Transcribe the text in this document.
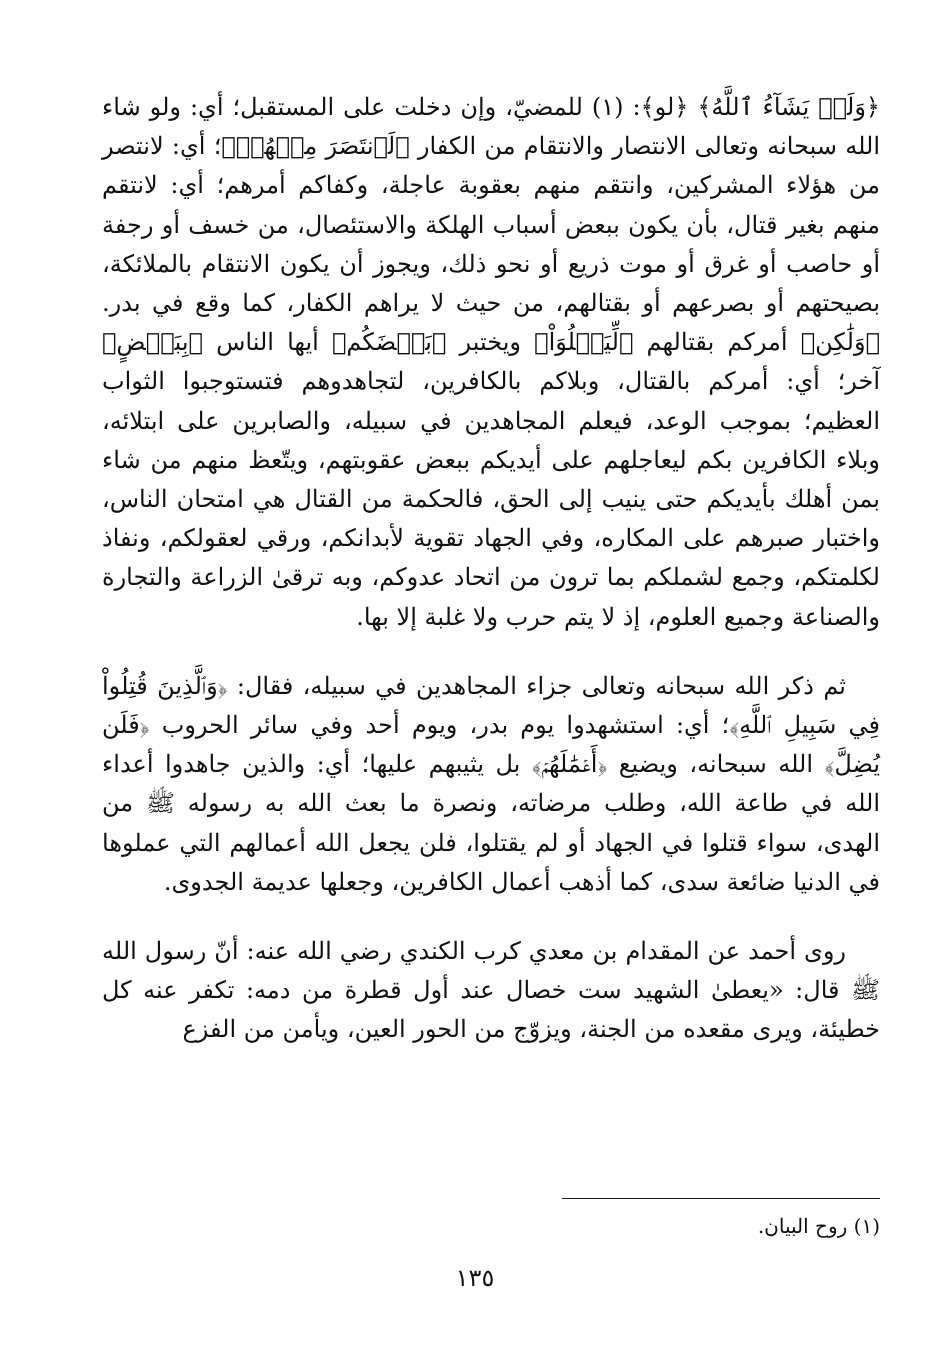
﴿وَلَوۡ يَشَآءُ ٱللَّهُ﴾ ﴿لو﴾: (١) للمضيّ، وإن دخلت على المستقبل؛ أي: ولو شاء الله سبحانه وتعالى الانتصار والانتقام من الكفار ﴿لَٱنتَصَرَ مِنۡهُمۡ﴾؛ أي: لانتصر من هؤلاء المشركين، وانتقم منهم بعقوبة عاجلة، وكفاكم أمرهم؛ أي: لانتقم منهم بغير قتال، بأن يكون ببعض أسباب الهلكة والاستئصال، من خسف أو رجفة أو حاصب أو غرق أو موت ذريع أو نحو ذلك، ويجوز أن يكون الانتقام بالملائكة، بصيحتهم أو بصرعهم أو بقتالهم، من حيث لا يراهم الكفار، كما وقع في بدر. ﴿وَلَٰكِن﴾ أمركم بقتالهم ﴿لِّيَبۡلُوَاْ﴾ ويختبر ﴿بَعۡضَكُم﴾ أيها الناس ﴿بِبَعۡضٍ﴾ آخر؛ أي: أمركم بالقتال، وبلاكم بالكافرين، لتجاهدوهم فتستوجبوا الثواب العظيم؛ بموجب الوعد، فيعلم المجاهدين في سبيله، والصابرين على ابتلائه، وبلاء الكافرين بكم ليعاجلهم على أيديكم ببعض عقوبتهم، ويتّعظ منهم من شاء بمن أهلك بأيديكم حتى ينيب إلى الحق، فالحكمة من القتال هي امتحان الناس، واختبار صبرهم على المكاره، وفي الجهاد تقوية لأبدانكم، ورقي لعقولكم، ونفاذ لكلمتكم، وجمع لشملكم بما ترون من اتحاد عدوكم، وبه ترقىٰ الزراعة والتجارة والصناعة وجميع العلوم، إذ لا يتم حرب ولا غلبة إلا بها.

ثم ذكر الله سبحانه وتعالى جزاء المجاهدين في سبيله، فقال: ﴿وَٱلَّذِينَ قُتِلُواْ فِي سَبِيلِ ٱللَّهِ﴾؛ أي: استشهدوا يوم بدر، ويوم أحد وفي سائر الحروب ﴿فَلَن يُضِلَّ﴾ الله سبحانه، ويضيع ﴿أَعۡمَٰلَهُمۡ﴾ بل يثيبهم عليها؛ أي: والذين جاهدوا أعداء الله في طاعة الله، وطلب مرضاته، ونصرة ما بعث الله به رسوله ﷺ من الهدى، سواء قتلوا في الجهاد أو لم يقتلوا، فلن يجعل الله أعمالهم التي عملوها في الدنيا ضائعة سدى، كما أذهب أعمال الكافرين، وجعلها عديمة الجدوى.

روى أحمد عن المقدام بن معدي كرب الكندي رضي الله عنه: أنّ رسول الله ﷺ قال: «يعطىٰ الشهيد ست خصال عند أول قطرة من دمه: تكفر عنه كل خطيئة، ويرى مقعده من الجنة، ويزوّج من الحور العين، ويأمن من الفزع

(١) روح البيان.
١٣٥
